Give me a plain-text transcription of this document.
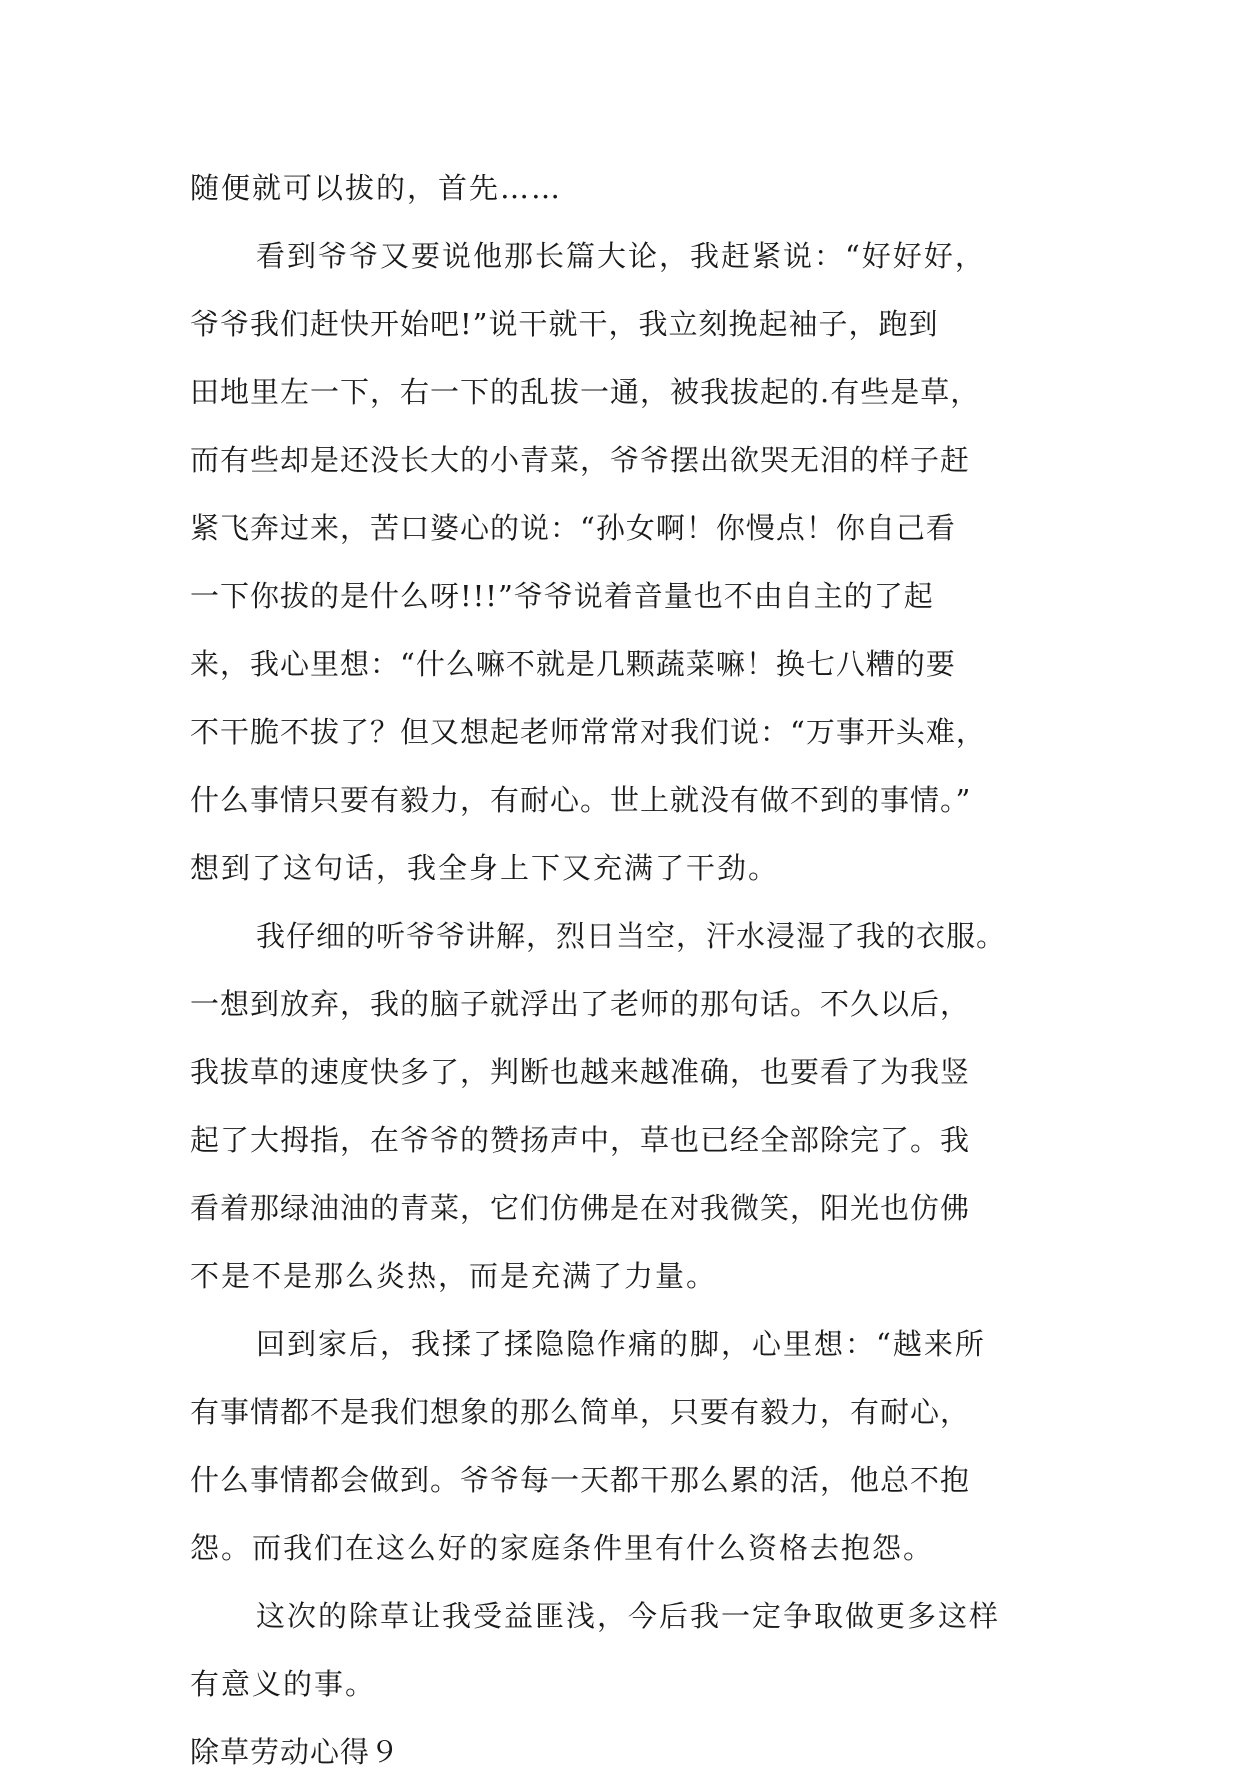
随便就可以拔的，首先……
看到爷爷又要说他那长篇大论，我赶紧说：“好好好，
爷爷我们赶快开始吧!”说干就干，我立刻挽起袖子，跑到
田地里左一下，右一下的乱拔一通，被我拔起的.有些是草，
而有些却是还没长大的小青菜，爷爷摆出欲哭无泪的样子赶
紧飞奔过来，苦口婆心的说：“孙女啊！你慢点！你自己看
一下你拔的是什么呀!!!”爷爷说着音量也不由自主的了起
来，我心里想：“什么嘛不就是几颗蔬菜嘛！换七八糟的要
不干脆不拔了？但又想起老师常常对我们说：“万事开头难，
什么事情只要有毅力，有耐心。世上就没有做不到的事情。”
想到了这句话，我全身上下又充满了干劲。
我仔细的听爷爷讲解，烈日当空，汗水浸湿了我的衣服。
一想到放弃，我的脑子就浮出了老师的那句话。不久以后，
我拔草的速度快多了，判断也越来越准确，也要看了为我竖
起了大拇指，在爷爷的赞扬声中，草也已经全部除完了。我
看着那绿油油的青菜，它们仿佛是在对我微笑，阳光也仿佛
不是不是那么炎热，而是充满了力量。
回到家后，我揉了揉隐隐作痛的脚，心里想：“越来所
有事情都不是我们想象的那么简单，只要有毅力，有耐心，
什么事情都会做到。爷爷每一天都干那么累的活，他总不抱
怨。而我们在这么好的家庭条件里有什么资格去抱怨。
这次的除草让我受益匪浅，今后我一定争取做更多这样
有意义的事。
除草劳动心得９
